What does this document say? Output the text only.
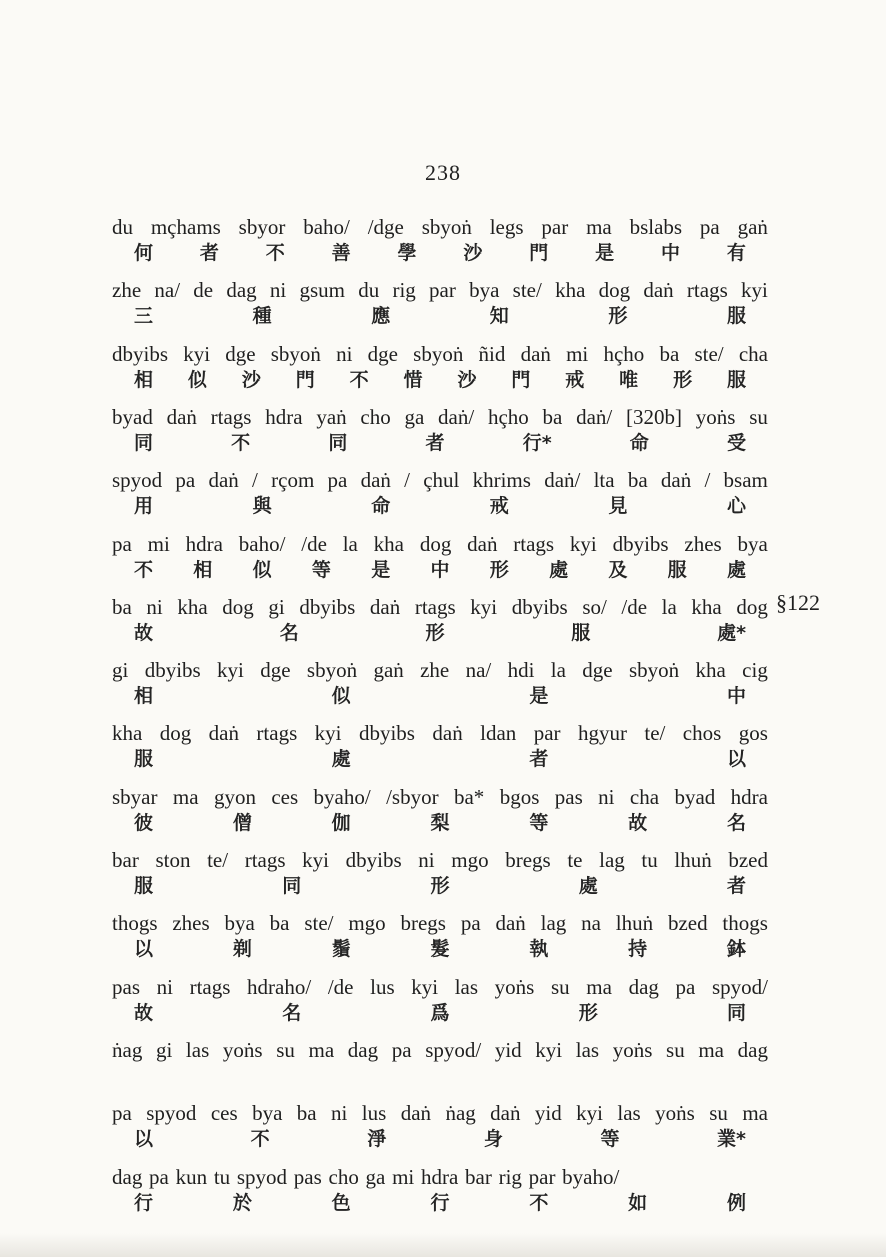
238
§122
du mçhams sbyor baho/ /dge sbyoṅ legs par ma bslabs pa gaṅ
何 者 不 善 學 沙 門 是 中 有
zhe na/ de dag ni gsum du rig par bya ste/ kha dog daṅ rtags kyi
三	種	應	知	形	服
dbyibs kyi dge sbyoṅ ni dge sbyoṅ ñid daṅ mi hçho ba ste/ cha
相 似 沙 門 不 惜 沙 門 戒 唯 形 服
byad daṅ rtags hdra yaṅ cho ga daṅ/ hçho ba daṅ/ [320b] yoṅs su
同	不	同	者	行*	命	受
spyod pa daṅ / rçom pa daṅ / çhul khrims daṅ/ lta ba daṅ / bsam
用	與	命	戒	見	心
pa mi hdra baho/ /de la kha dog daṅ rtags kyi dbyibs zhes bya
不 相 似 等 是 中 形 處 及 服 處
ba ni kha dog gi dbyibs daṅ rtags kyi dbyibs so/ /de la kha dog
故	名	形	服	處*
gi dbyibs kyi dge sbyoṅ gaṅ zhe na/ hdi la dge sbyoṅ kha cig
相	似	是	中
kha dog daṅ rtags kyi dbyibs daṅ ldan par hgyur te/ chos gos
服	處	者	以
sbyar ma gyon ces byaho/ /sbyor ba* bgos pas ni cha byad hdra
彼	僧	伽	梨	等	故	名
bar ston te/ rtags kyi dbyibs ni mgo bregs te lag tu lhuṅ bzed
服	同	形	處	者
thogs zhes bya ba ste/ mgo bregs pa daṅ lag na lhuṅ bzed thogs
以	剃	鬚	髮	執	持	鉢
pas ni rtags hdraho/ /de lus kyi las yoṅs su ma dag pa spyod/
故	名	爲	形	同
ṅag gi las yoṅs su ma dag pa spyod/ yid kyi las yoṅs su ma dag
pa spyod ces bya ba ni lus daṅ ṅag daṅ yid kyi las yoṅs su ma
以	不	淨	身	等	業*
dag pa kun tu spyod pas cho ga mi hdra bar rig par byaho/
行	於	色	行	不	如	例
